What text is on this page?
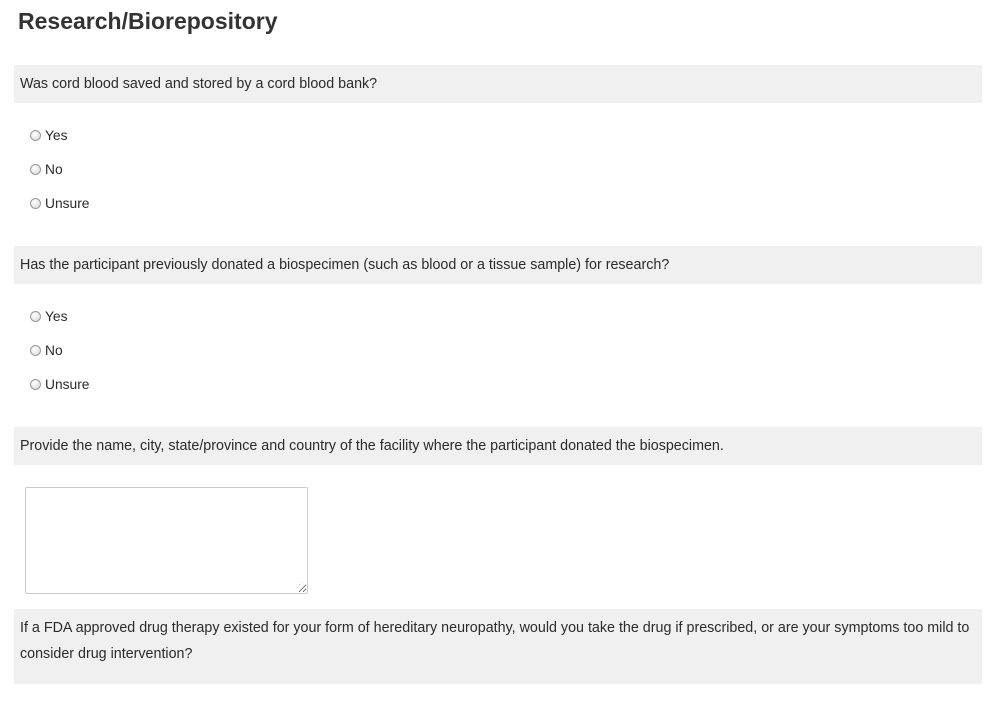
Research/Biorepository
Was cord blood saved and stored by a cord blood bank?
Yes
No
Unsure
Has the participant previously donated a biospecimen (such as blood or a tissue sample) for research?
Yes
No
Unsure
Provide the name, city, state/province and country of the facility where the participant donated the biospecimen.
⋰
If a FDA approved drug therapy existed for your form of hereditary neuropathy, would you take the drug if prescribed, or are your symptoms too mild to consider drug intervention?
